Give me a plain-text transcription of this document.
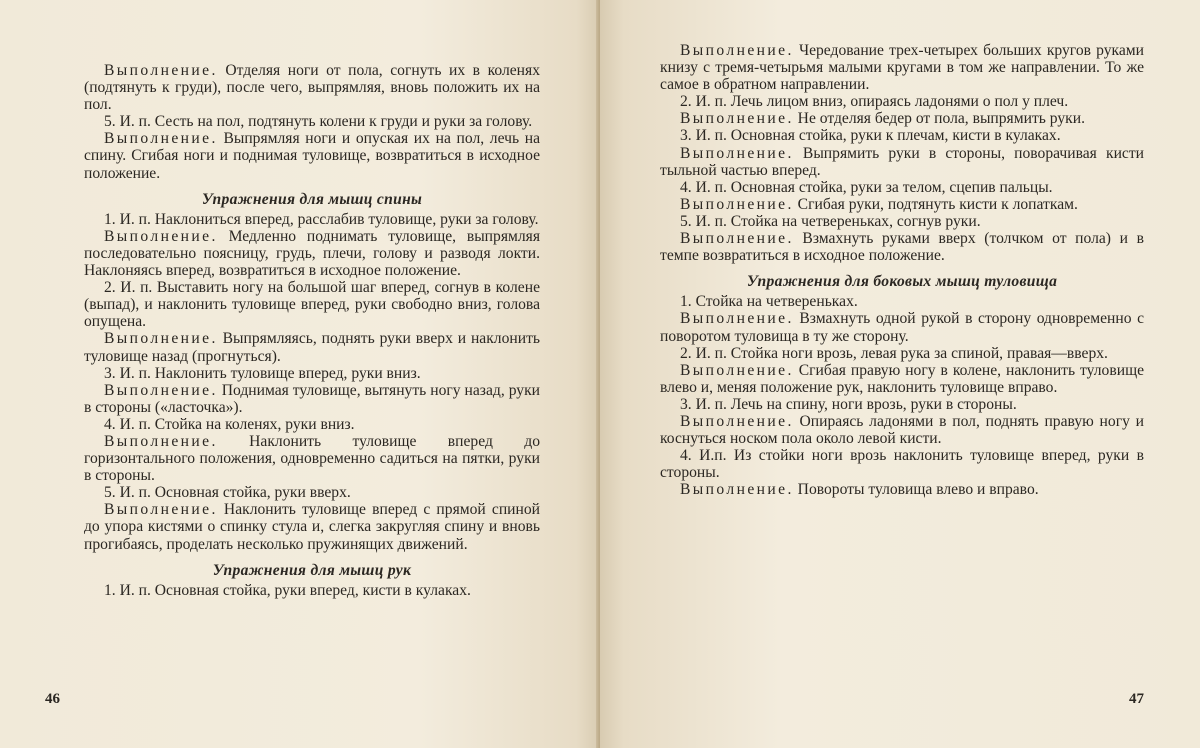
Выполнение. Отделяя ноги от пола, согнуть их в коленях (подтянуть к груди), после чего, выпрямляя, вновь положить их на пол.

5. И. п. Сесть на пол, подтянуть колени к груди и руки за голову.

Выполнение. Выпрямляя ноги и опуская их на пол, лечь на спину. Сгибая ноги и поднимая туловище, возвратиться в исходное положение.

Упражнения для мышц спины

1. И. п. Наклониться вперед, расслабив туловище, руки за голову.

Выполнение. Медленно поднимать туловище, выпрямляя последовательно поясницу, грудь, плечи, голову и разводя локти. Наклоняясь вперед, возвратиться в исходное положение.

2. И. п. Выставить ногу на большой шаг вперед, согнув в колене (выпад), и наклонить туловище вперед, руки свободно вниз, голова опущена.

Выполнение. Выпрямляясь, поднять руки вверх и наклонить туловище назад (прогнуться).

3. И. п. Наклонить туловище вперед, руки вниз.

Выполнение. Поднимая туловище, вытянуть ногу назад, руки в стороны («ласточка»).

4. И. п. Стойка на коленях, руки вниз.

Выполнение. Наклонить туловище вперед до горизонтального положения, одновременно садиться на пятки, руки в стороны.

5. И. п. Основная стойка, руки вверх.

Выполнение. Наклонить туловище вперед с прямой спиной до упора кистями о спинку стула и, слегка закругляя спину и вновь прогибаясь, проделать несколько пружинящих движений.

Упражнения для мышц рук

1. И. п. Основная стойка, руки вперед, кисти в кулаках.

46

Выполнение. Чередование трех-четырех больших кругов руками книзу с тремя-четырьмя малыми кругами в том же направлении. То же самое в обратном направлении.

2. И. п. Лечь лицом вниз, опираясь ладонями о пол у плеч.

Выполнение. Не отделяя бедер от пола, выпрямить руки.

3. И. п. Основная стойка, руки к плечам, кисти в кулаках.

Выполнение. Выпрямить руки в стороны, поворачивая кисти тыльной частью вперед.

4. И. п. Основная стойка, руки за телом, сцепив пальцы.

Выполнение. Сгибая руки, подтянуть кисти к лопаткам.

5. И. п. Стойка на четвереньках, согнув руки.

Выполнение. Взмахнуть руками вверх (толчком от пола) и в темпе возвратиться в исходное положение.

Упражнения для боковых мышц туловища

1. Стойка на четвереньках.

Выполнение. Взмахнуть одной рукой в сторону одновременно с поворотом туловища в ту же сторону.

2. И. п. Стойка ноги врозь, левая рука за спиной, правая—вверх.

Выполнение. Сгибая правую ногу в колене, наклонить туловище влево и, меняя положение рук, наклонить туловище вправо.

3. И. п. Лечь на спину, ноги врозь, руки в стороны.

Выполнение. Опираясь ладонями в пол, поднять правую ногу и коснуться носком пола около левой кисти.

4. И.п. Из стойки ноги врозь наклонить туловище вперед, руки в стороны.

Выполнение. Повороты туловища влево и вправо.

47
